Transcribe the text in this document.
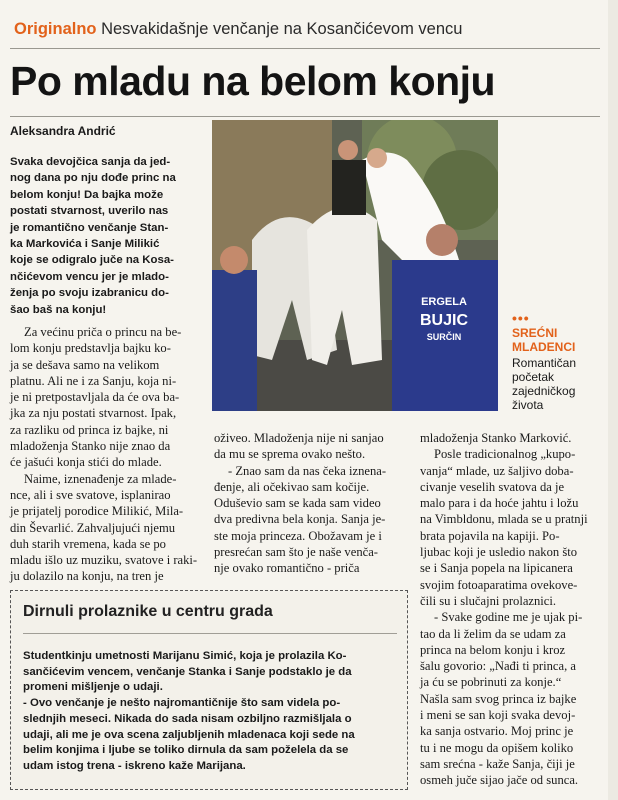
Originalno Nesvakidašnje venčanje na Kosančićevom vencu
Po mladu na belom konju
Aleksandra Andrić
Svaka devojčica sanja da jed-
nog dana po nju dođe princ na
belom konju! Da bajka može
postati stvarnost, uverilo nas
je romantično venčanje Stan-
ka Markovića i Sanje Milikić
koje se odigralo juče na Kosa-
nčićevom vencu jer je mlado-
ženja po svoju izabranicu do-
šao baš na konju!
ERGELA
BUJIC
SURČIN
•••
SREĆNI
MLADENCI
Romantičan
početak
zajedničkog
života

Za većinu priča o princu na be-

lom konju predstavlja bajku ko-
ja se dešava samo na velikom
platnu. Ali ne i za Sanju, koja ni-
je ni pretpostavljala da će ova ba-
jka za nju postati stvarnost. Ipak,
za razliku od princa iz bajke, ni
mladoženja Stanko nije znao da
će jašući konja stići do mlade.

Naime, iznenađenje za mlade-

nce, ali i sve svatove, isplanirao
je prijatelj porodice Milikić, Mila-
din Ševarlić. Zahvaljujući njemu
duh starih vremena, kada se po
mladu išlo uz muziku, svatove i raki-
ju dolazilo na konju, na tren je
oživeo. Mladoženja nije ni sanjao
da mu se sprema ovako nešto.

- Znao sam da nas čeka iznena-

đenje, ali očekivao sam kočije.
Oduševio sam se kada sam video
dva predivna bela konja. Sanja je-
ste moja princeza. Obožavam je i
presrećan sam što je naše venča-
nje ovako romantično - priča
mladoženja Stanko Marković.

Posle tradicionalnog „kupo-

vanja“ mlade, uz šaljivo doba-
civanje veselih svatova da je
malo para i da hoće jahtu i ložu
na Vimbldonu, mlada se u pratnji
brata pojavila na kapiji. Po-
ljubac koji je usledio nakon što
se i Sanja popela na lipicanera
svojim fotoaparatima ovekove-
čili su i slučajni prolaznici.

- Svake godine me je ujak pi-

tao da li želim da se udam za
princa na belom konju i kroz
šalu govorio: „Nađi ti princa, a
ja ću se pobrinuti za konje.“
Našla sam svog princa iz bajke
i meni se san koji svaka devoj-
ka sanja ostvario. Moj princ je
tu i ne mogu da opišem koliko
sam srećna - kaže Sanja, čiji je
osmeh juče sijao jače od sunca.
Dirnuli prolaznike u centru grada
Studentkinju umetnosti Marijanu Simić, koja je prolazila Ko-
sančićevim vencem, venčanje Stanka i Sanje podstaklo je da
promeni mišljenje o udaji.
- Ovo venčanje je nešto najromantičnije što sam videla po-
slednjih meseci. Nikada do sada nisam ozbiljno razmišljala o
udaji, ali me je ova scena zaljubljenih mladenaca koji sede na
belim konjima i ljube se toliko dirnula da sam poželela da se
udam istog trena - iskreno kaže Marijana.
